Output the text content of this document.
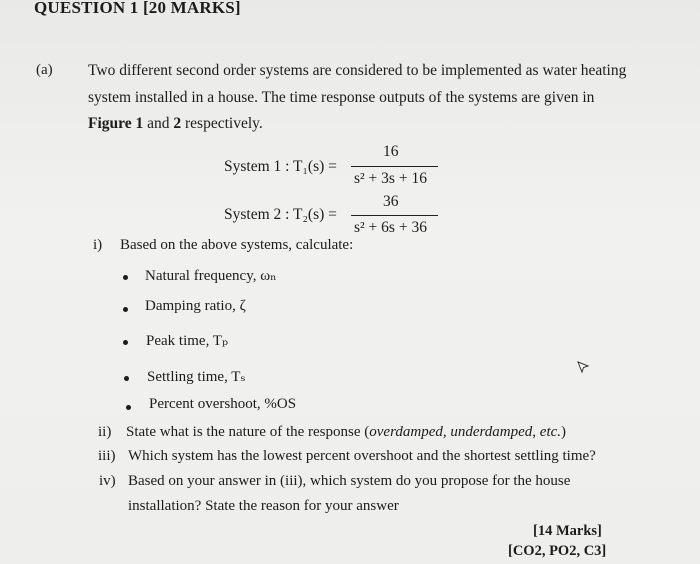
QUESTION 1 [20 MARKS]
(a) Two different second order systems are considered to be implemented as water heating
system installed in a house. The time response outputs of the systems are given in
Figure 1 and 2 respectively.
System 1 : T₁(s) =
16
s² + 3s + 16
System 2 : T₂(s) =
36
s² + 6s + 36
i) Based on the above systems, calculate:
Natural frequency, ωₙ
Damping ratio, ζ
Peak time, Tₚ
Settling time, Tₛ
Percent overshoot, %OS
ii) State what is the nature of the response (overdamped, underdamped, etc.)
iii) Which system has the lowest percent overshoot and the shortest settling time?
iv) Based on your answer in (iii), which system do you propose for the house
installation? State the reason for your answer
[14 Marks]
[CO2, PO2, C3]
